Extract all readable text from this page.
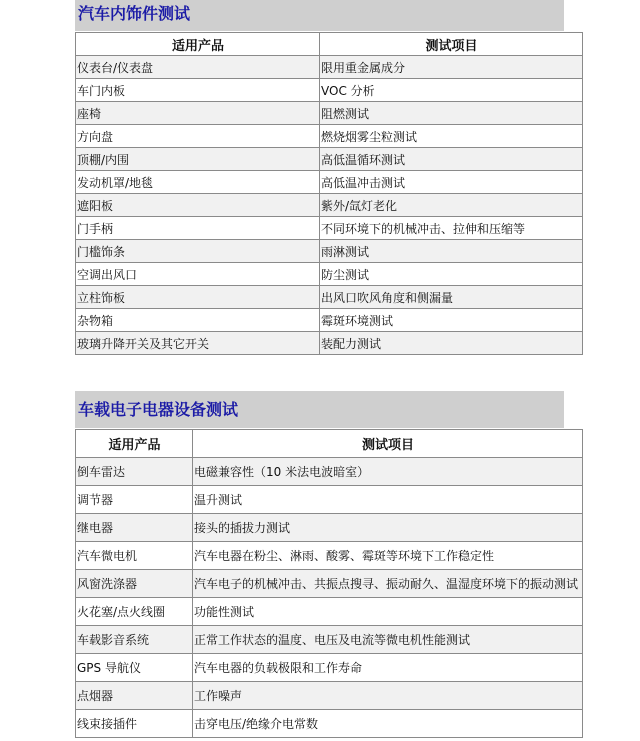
汽车内饰件测试
适用产品	测试项目
仪表台/仪表盘	限用重金属成分
车门内板	VOC 分析
座椅	阻燃测试
方向盘	燃烧烟雾尘粒测试
顶棚/内围	高低温循环测试
发动机罩/地毯	高低温冲击测试
遮阳板	紫外/氙灯老化
门手柄	不同环境下的机械冲击、拉伸和压缩等
门槛饰条	雨淋测试
空调出风口	防尘测试
立柱饰板	出风口吹风角度和侧漏量
杂物箱	霉斑环境测试
玻璃升降开关及其它开关	装配力测试
车载电子电器设备测试
适用产品	测试项目
倒车雷达	电磁兼容性（10 米法电波暗室）
调节器	温升测试
继电器	接头的插拔力测试
汽车微电机	汽车电器在粉尘、淋雨、酸雾、霉斑等环境下工作稳定性
风窗洗涤器	汽车电子的机械冲击、共振点搜寻、振动耐久、温湿度环境下的振动测试
火花塞/点火线圈	功能性测试
车载影音系统	正常工作状态的温度、电压及电流等微电机性能测试
GPS 导航仪	汽车电器的负载极限和工作寿命
点烟器	工作噪声
线束接插件	击穿电压/绝缘介电常数
